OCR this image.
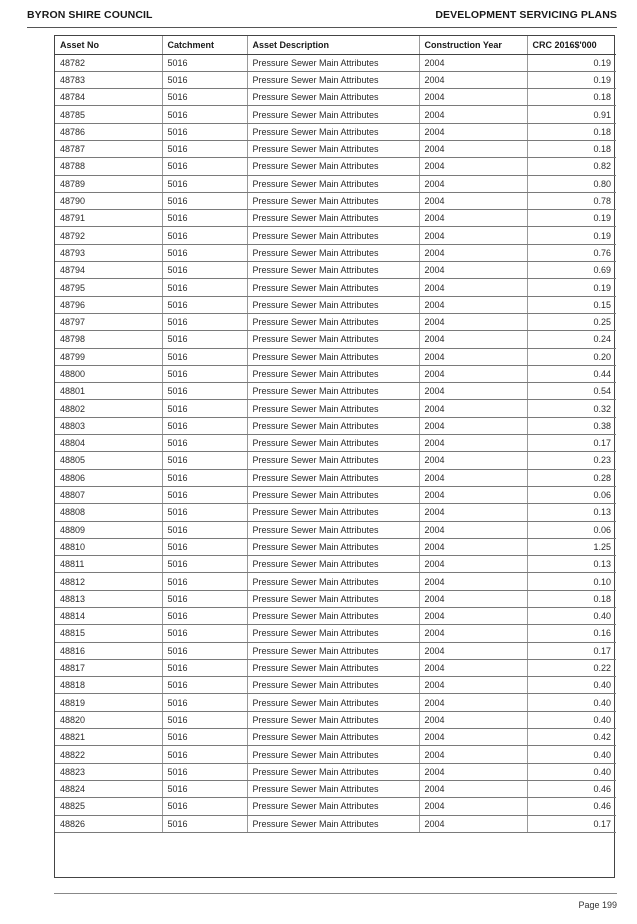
BYRON SHIRE COUNCIL	DEVELOPMENT SERVICING PLANS
Asset No	Catchment	Asset Description	Construction Year	CRC 2016$'000
48782	5016	Pressure Sewer Main Attributes	2004	0.19
48783	5016	Pressure Sewer Main Attributes	2004	0.19
48784	5016	Pressure Sewer Main Attributes	2004	0.18
48785	5016	Pressure Sewer Main Attributes	2004	0.91
48786	5016	Pressure Sewer Main Attributes	2004	0.18
48787	5016	Pressure Sewer Main Attributes	2004	0.18
48788	5016	Pressure Sewer Main Attributes	2004	0.82
48789	5016	Pressure Sewer Main Attributes	2004	0.80
48790	5016	Pressure Sewer Main Attributes	2004	0.78
48791	5016	Pressure Sewer Main Attributes	2004	0.19
48792	5016	Pressure Sewer Main Attributes	2004	0.19
48793	5016	Pressure Sewer Main Attributes	2004	0.76
48794	5016	Pressure Sewer Main Attributes	2004	0.69
48795	5016	Pressure Sewer Main Attributes	2004	0.19
48796	5016	Pressure Sewer Main Attributes	2004	0.15
48797	5016	Pressure Sewer Main Attributes	2004	0.25
48798	5016	Pressure Sewer Main Attributes	2004	0.24
48799	5016	Pressure Sewer Main Attributes	2004	0.20
48800	5016	Pressure Sewer Main Attributes	2004	0.44
48801	5016	Pressure Sewer Main Attributes	2004	0.54
48802	5016	Pressure Sewer Main Attributes	2004	0.32
48803	5016	Pressure Sewer Main Attributes	2004	0.38
48804	5016	Pressure Sewer Main Attributes	2004	0.17
48805	5016	Pressure Sewer Main Attributes	2004	0.23
48806	5016	Pressure Sewer Main Attributes	2004	0.28
48807	5016	Pressure Sewer Main Attributes	2004	0.06
48808	5016	Pressure Sewer Main Attributes	2004	0.13
48809	5016	Pressure Sewer Main Attributes	2004	0.06
48810	5016	Pressure Sewer Main Attributes	2004	1.25
48811	5016	Pressure Sewer Main Attributes	2004	0.13
48812	5016	Pressure Sewer Main Attributes	2004	0.10
48813	5016	Pressure Sewer Main Attributes	2004	0.18
48814	5016	Pressure Sewer Main Attributes	2004	0.40
48815	5016	Pressure Sewer Main Attributes	2004	0.16
48816	5016	Pressure Sewer Main Attributes	2004	0.17
48817	5016	Pressure Sewer Main Attributes	2004	0.22
48818	5016	Pressure Sewer Main Attributes	2004	0.40
48819	5016	Pressure Sewer Main Attributes	2004	0.40
48820	5016	Pressure Sewer Main Attributes	2004	0.40
48821	5016	Pressure Sewer Main Attributes	2004	0.42
48822	5016	Pressure Sewer Main Attributes	2004	0.40
48823	5016	Pressure Sewer Main Attributes	2004	0.40
48824	5016	Pressure Sewer Main Attributes	2004	0.46
48825	5016	Pressure Sewer Main Attributes	2004	0.46
48826	5016	Pressure Sewer Main Attributes	2004	0.17
Page 199
